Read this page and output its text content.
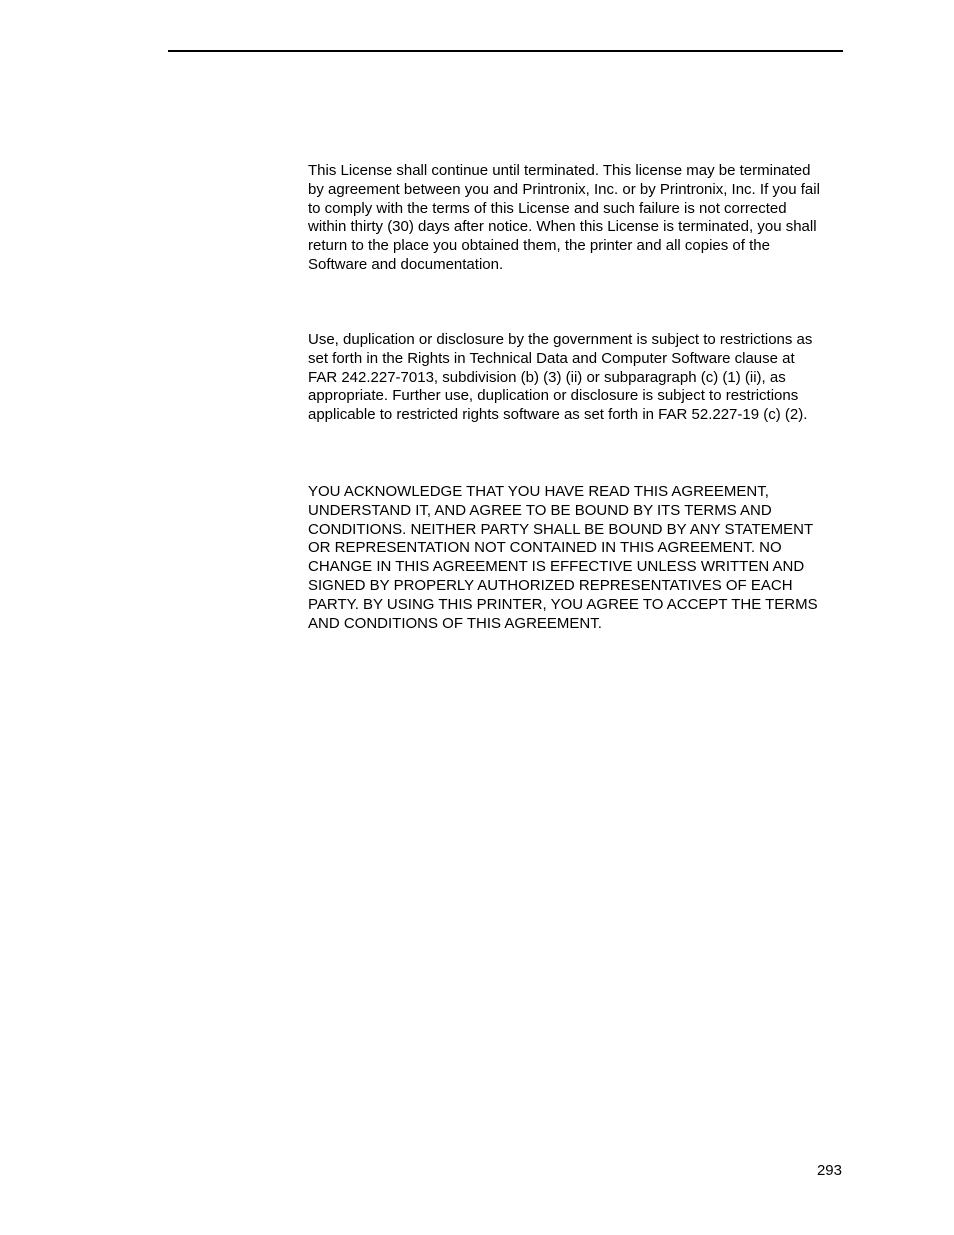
This License shall continue until terminated. This license may be terminated
by agreement between you and Printronix, Inc. or by Printronix, Inc. If you fail
to comply with the terms of this License and such failure is not corrected
within thirty (30) days after notice. When this License is terminated, you shall
return to the place you obtained them, the printer and all copies of the
Software and documentation.

Use, duplication or disclosure by the government is subject to restrictions as
set forth in the Rights in Technical Data and Computer Software clause at
FAR 242.227-7013, subdivision (b) (3) (ii) or subparagraph (c) (1) (ii), as
appropriate. Further use, duplication or disclosure is subject to restrictions
applicable to restricted rights software as set forth in FAR 52.227-19 (c) (2).

YOU ACKNOWLEDGE THAT YOU HAVE READ THIS AGREEMENT,
UNDERSTAND IT, AND AGREE TO BE BOUND BY ITS TERMS AND
CONDITIONS. NEITHER PARTY SHALL BE BOUND BY ANY STATEMENT
OR REPRESENTATION NOT CONTAINED IN THIS AGREEMENT. NO
CHANGE IN THIS AGREEMENT IS EFFECTIVE UNLESS WRITTEN AND
SIGNED BY PROPERLY AUTHORIZED REPRESENTATIVES OF EACH
PARTY. BY USING THIS PRINTER, YOU AGREE TO ACCEPT THE TERMS
AND CONDITIONS OF THIS AGREEMENT.

293
